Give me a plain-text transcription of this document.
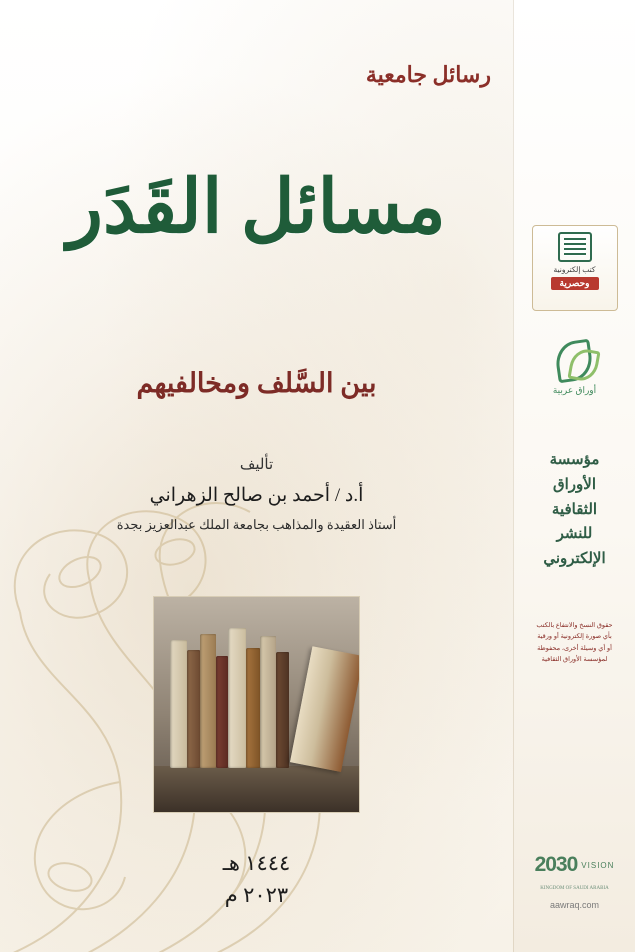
رسائل جامعية
مسائل القَدَر
بين السَّلف ومخالفيهم
تأليف
أ.د / أحمد بن صالح الزهراني
أستاذ العقيدة والمذاهب بجامعة الملك عبدالعزيز بجدة
١٤٤٤ هـ
٢٠٢٣ م
كتب إلكترونية
وحصرية
أوراق عربية
مؤسسة
الأوراق
الثقافية
للنشر
الإلكتروني
حقوق النسخ والانتفاع بالكتب
بأي صورة إلكترونية أو ورقية
أو أي وسيلة أخرى، محفوظة
لمؤسسة الأوراق الثقافية
VISION
2030
KINGDOM OF SAUDI ARABIA
aawraq.com
